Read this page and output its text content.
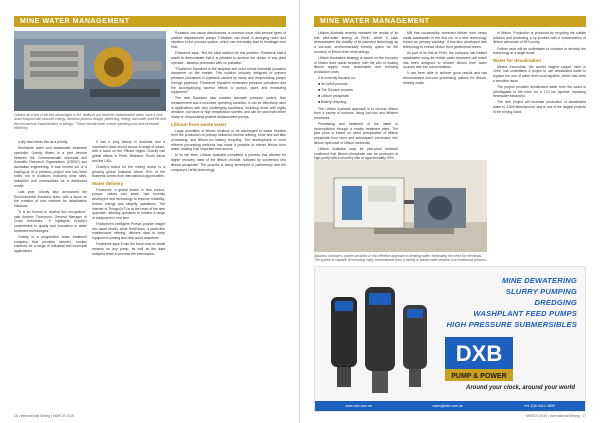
MINE WATER MANAGEMENT
Outotec as a one of the key advantages is the "ability to pre-treat the contaminated water, have a very small footprint with reduced energy, minimise process design, perfecting, energy and water shelf life and the mechanical characteristics of tailings." These include lower overall operating cost and increased efficiency.

a city that needs this as a priority.

Worldwide water and wastewater treatment specialist, Gravity Water, is a joint venture between the Commonwealth Industrial and Scientific Research Organisation (CSIRO) and Australian engineering. It was formed out of a scaling-up of a previous project and has been rolled out in locations including mine sites, industries and communities as a distributed model.

Last year, Gravity also announced the Environmental Solutions team, with a focus on the creation of new markets for desalination solutions.

"It is an honour to receive this recognition," said Andrew Thompson, General Manager of Cross Industries. "It highlights Gravity's commitment to quality and innovation in water treatment technologies."

Gravity is a progressive water treatment company that provides tailored, turnkey solutions for a range of industrial and municipal applications.

It has a long history in Australia and a successful track record across a range of mines, with a focus on the Pilbara region. Gravity has global offices in Perth, Brisbane, South Africa and the USA.

Gravity's brand for the mining sector is a growing global business where 50% of the business comes from international opportunities.

Water delivery

Flowserve, a global leader in flow control, pumps, valves and seals, has recently developed new technology to improve reliability, reduce energy and simplify operations. The Internet of Things (IoT) is at the heart of the new approach, allowing operators to monitor a range of equipment in real time.

Flowserve's Intelligent Pumps provide insight into asset health, while RedRaven, a predictive maintenance offering, delivers data to keep equipment running and help avoid downtime.

Flowserve says it has the know-how to install sensors on any pump, as well as the data analytics team to process the information.

Pulsation can cause disturbances, a common issue with several types of positive displacement pumps. Pulsation can result in annoying noise and vibration in the process system, which can eventually lead to breakage over time.

Flowserve says: "Not the ideal solution for this problem. Flowserve said it wants to demonstrate that it is possible to achieve the dream of any plant operator - flawless processes with no pulsation."

"Flowserve Equalizer is the simplest and most robust industrial pulsation dampener on the market. This solution uniquely designed to prevent pressure pulsations in pipework caused by rotary and reciprocating pumps through pipework. Flowserve Equalizer eliminates pressure pulsations and the accompanying harmful effects to pumps, pipes and measuring equipment."

The new Equalizer also enables accurate pressure control, flow measurement and a smoother operating condition. It can be effectively used in applications with very challenging conditions, including those with highly abrasive, corrosive or high temperature slurries, and can be used with either rotary or reciprocating positive displacement pumps.

Lithium from waste water

Large quantities of lithium continue to be discharged to waste streams from the production of primary industrial mineral refining, brine and salt lake processing, and lithium-ion battery recycling. The development of more efficient processing methods has made it possible to extract lithium from water, making it an important new source.

In its lab tests, Lithium Australia completed a process that allowed for higher recovery rates of the lithium chloride, followed by conversion into lithium phosphate. The process is being developed in partnership with the company's LieNA technology.

16 | International Mining | MARCH 2019
MINE WATER MANAGEMENT

Lithium Australia recently released the results of its first pilot-scale testing at Perth, which it says demonstrates the viability of its patented technology as a low-cost, environmentally friendly option for the recovery of lithium from mine tailings.

Lithium Australia's strategy is based on the recovery of lithium from waste streams, with the aim of making lithium supply more sustainable and reducing production costs.

It is currently focused on:

■ Its LieNA process

■ The SiLeach process

■ Lithium phosphate

■ Battery recycling

The Lithium Australia approach is to recover lithium from a variety of sources, using low-cost and efficient processes.

Processing and treatment of the water is accomplished through a mobile treatment plant. The pilot plant is based on direct precipitation of lithium phosphate from brine and subsequent conversion into lithium hydroxide or lithium carbonate.

Lithium Australia says its pilot-plant testwork confirmed that lithium phosphate can be produced at high purity with a recovery rate of approximately 90%.

Mill has successfully extracted lithium from heavy metal wastewater in the first run of a new technology, known as 'primary washing'. It has also developed new technology to extract lithium from geothermal brines.

As part of its trial at Perth, the company has treated wastewater using its mobile water treatment unit which has been designed to recover lithium from water sources with low concentrations.

It has been able to achieve good results and has demonstrated low-cost processing options for lithium-bearing waste.

of lithium. Production is produced by recycling the sulfate solution and producing a by-product with a concentration of lithium carbonate of 99% purity.

Further work will be undertaken to continue to develop the technology at a larger scale.

Water for desalination

Minera Escondida, the world's largest copper mine in Chile, has undertaken a project to use desalinated water to replace the use of water from local aquifers, which has been a sensitive issue.

The project provides desalinated water from the coast of Antofagasta to the mine via a 170 km pipeline, replacing freshwater extraction.

The new project will increase production of desalinated water to 3,800 litres/second, and is one of the largest projects in the mining world.

Aquarius Uranium's system provides a cost-effective approach to treating water, eliminating the need for chemicals. The system is capable of removing many contaminants from a variety of waste water streams in a continuous process.
MINE DEWATERING
SLURRY PUMPING
DREDGING
WASHPLANT FEED PUMPS
HIGH PRESSURE SUBMERSIBLES
DXB
PUMP & POWER
Around your clock, around your world
www.dxb.com.au	sales@dxb.com.au	+61 (0)8 9414 3899
MARCH 2019 | International Mining | 17
